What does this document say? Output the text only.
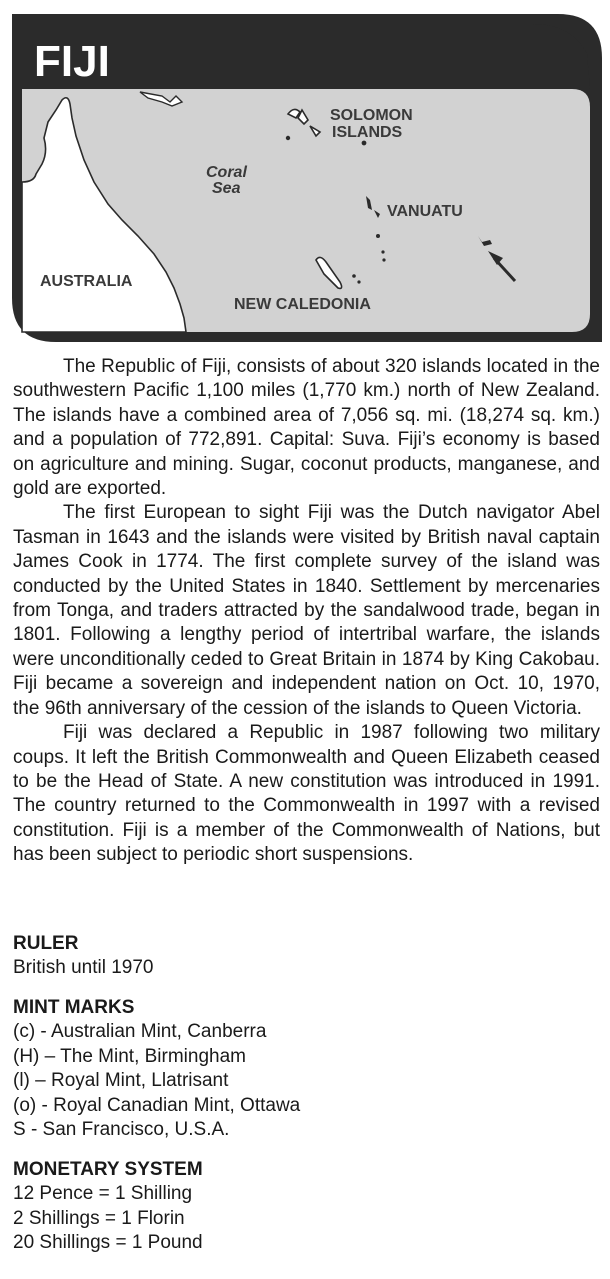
FIJI
SOLOMON
ISLANDS
Coral
Sea
VANUATU
AUSTRALIA
NEW CALEDONIA

The Republic of Fiji, consists of about 320 islands located in the southwestern Pacific 1,100 miles (1,770 km.) north of New Zealand. The islands have a combined area of 7,056 sq. mi. (18,274 sq. km.) and a population of 772,891. Capital: Suva. Fiji’s economy is based on agriculture and mining. Sugar, coconut products, manganese, and gold are exported.

The first European to sight Fiji was the Dutch navigator Abel Tasman in 1643 and the islands were visited by British naval captain James Cook in 1774. The first complete survey of the island was conducted by the United States in 1840. Settlement by mercenaries from Tonga, and traders attracted by the sandalwood trade, began in 1801. Following a lengthy period of intertribal warfare, the islands were unconditionally ceded to Great Britain in 1874 by King Cakobau. Fiji became a sovereign and independent nation on Oct. 10, 1970, the 96th anniversary of the cession of the islands to Queen Victoria.

Fiji was declared a Republic in 1987 following two military coups. It left the British Commonwealth and Queen Elizabeth ceased to be the Head of State. A new constitution was introduced in 1991. The country returned to the Commonwealth in 1997 with a revised constitution. Fiji is a member of the Commonwealth of Nations, but has been subject to periodic short suspensions.

RULER
British until 1970
MINT MARKS
(c) - Australian Mint, Canberra
(H) – The Mint, Birmingham
(l) – Royal Mint, Llatrisant
(o) - Royal Canadian Mint, Ottawa
S - San Francisco, U.S.A.
MONETARY SYSTEM
12 Pence = 1 Shilling
2 Shillings = 1 Florin
20 Shillings = 1 Pound
